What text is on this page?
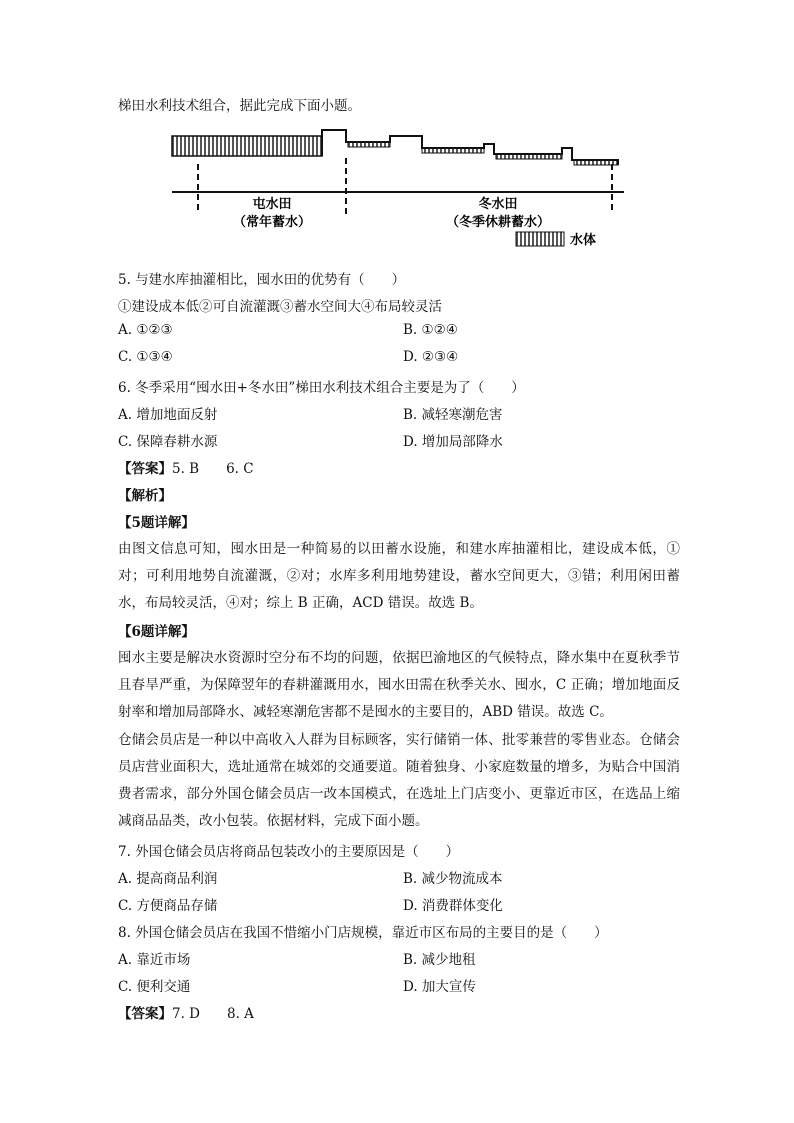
梯田水利技术组合，据此完成下面小题。
屯水田
（常年蓄水）
冬水田
（冬季休耕蓄水）
水体
5. 与建水库抽灌相比，囤水田的优势有（　　）
①建设成本低②可自流灌溉③蓄水空间大④布局较灵活
A. ①②③	B. ①②④
C. ①③④	D. ②③④
6. 冬季采用“囤水田+冬水田”梯田水利技术组合主要是为了（　　）
A. 增加地面反射	B. 减轻寒潮危害
C. 保障春耕水源	D. 增加局部降水
【答案】5. B　　6. C
【解析】
【5题详解】
由图文信息可知，囤水田是一种简易的以田蓄水设施，和建水库抽灌相比，建设成本低，①对；可利用地势自流灌溉，②对；水库多利用地势建设，蓄水空间更大，③错；利用闲田蓄水，布局较灵活，④对；综上 B 正确，ACD 错误。故选 B。
【6题详解】
囤水主要是解决水资源时空分布不均的问题，依据巴渝地区的气候特点，降水集中在夏秋季节且春旱严重，为保障翌年的春耕灌溉用水，囤水田需在秋季关水、囤水，C 正确；增加地面反射率和增加局部降水、减轻寒潮危害都不是囤水的主要目的，ABD 错误。故选 C。
仓储会员店是一种以中高收入人群为目标顾客，实行储销一体、批零兼营的零售业态。仓储会员店营业面积大，选址通常在城郊的交通要道。随着独身、小家庭数量的增多，为贴合中国消费者需求，部分外国仓储会员店一改本国模式，在选址上门店变小、更靠近市区，在选品上缩减商品品类，改小包装。依据材料，完成下面小题。
7. 外国仓储会员店将商品包装改小的主要原因是（　　）
A. 提高商品利润	B. 减少物流成本
C. 方便商品存储	D. 消费群体变化
8. 外国仓储会员店在我国不惜缩小门店规模，靠近市区布局的主要目的是（　　）
A. 靠近市场	B. 减少地租
C. 便利交通	D. 加大宣传
【答案】7. D　　8. A
